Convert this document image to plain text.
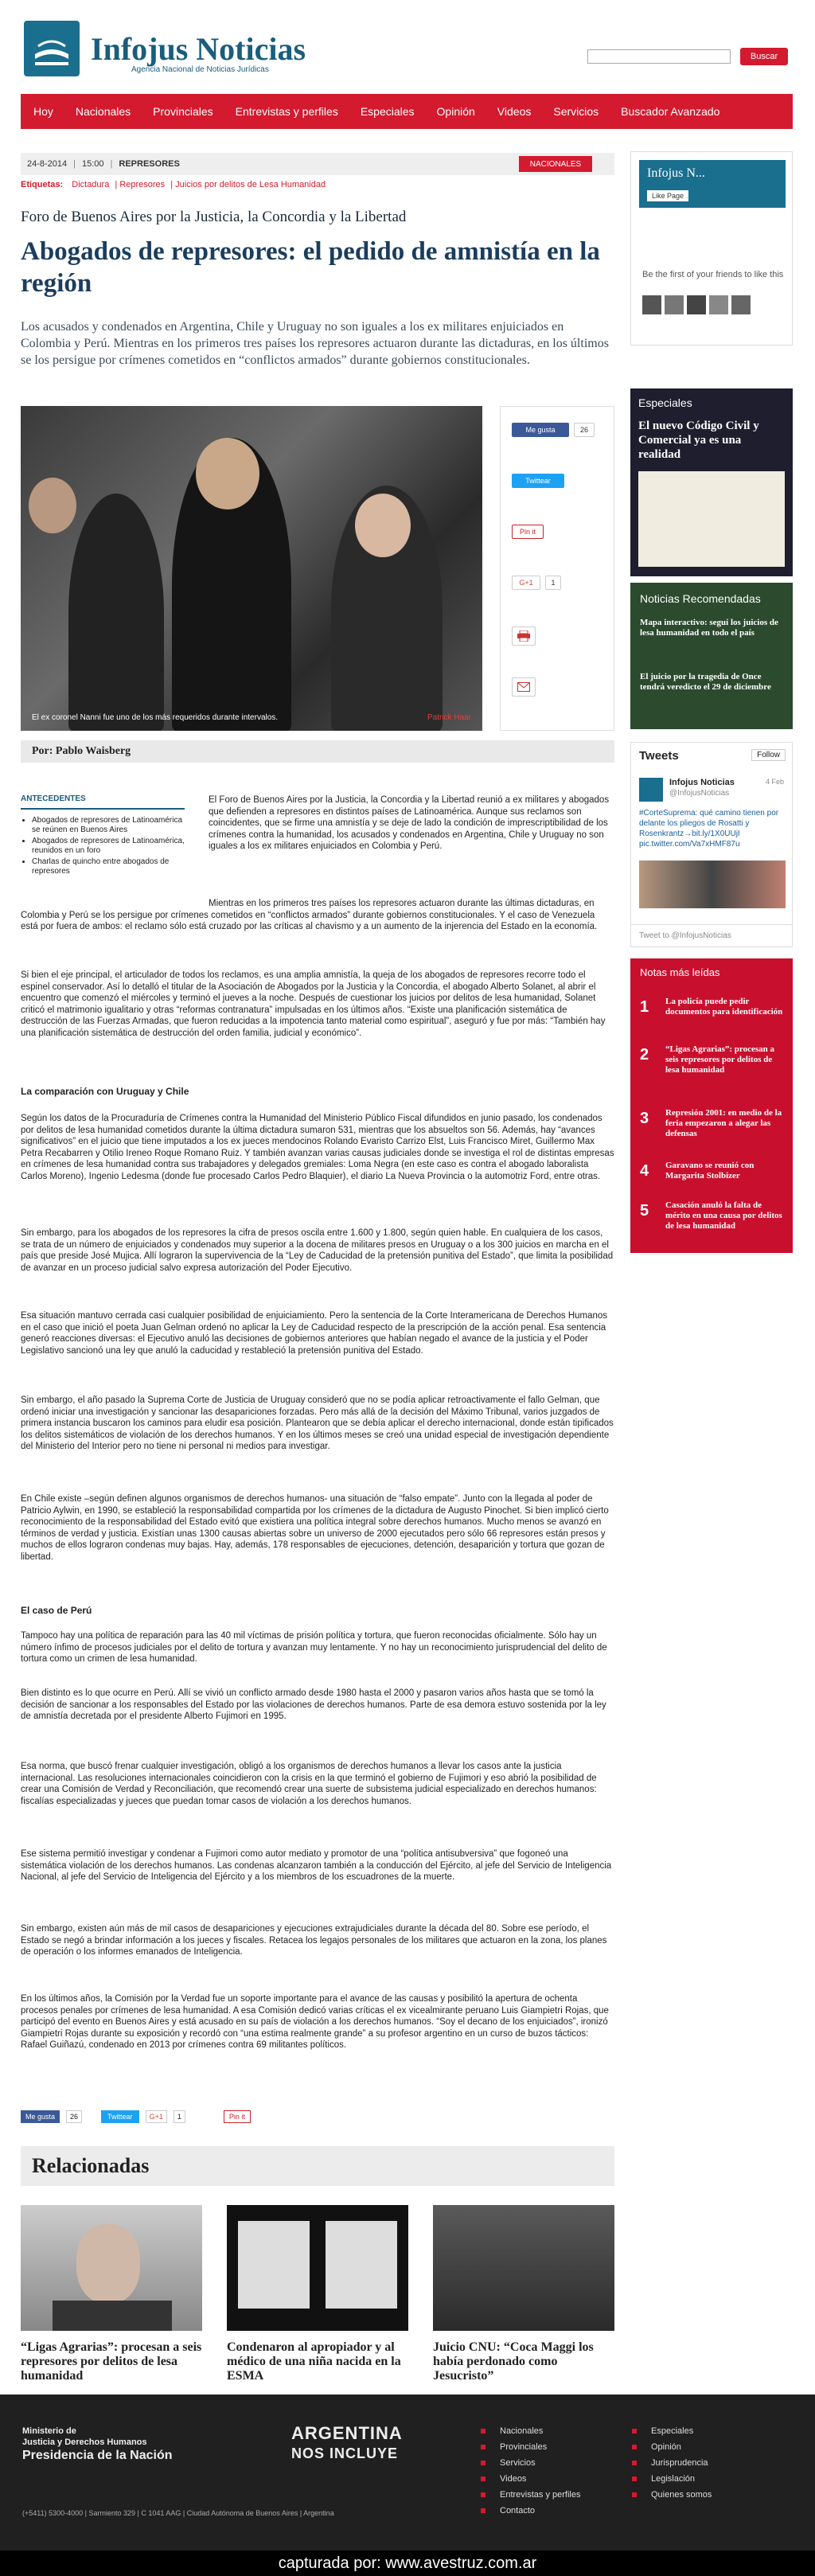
Infojus Noticias
Agencia Nacional de Noticias Jurídicas
Buscar
Hoy Nacionales Provinciales Entrevistas y perfiles Especiales Opinión Videos Servicios Buscador Avanzado
24-8-2014 | 15:00 | REPRESORES	NACIONALES
Etiquetas: Dictadura | Represores | Juicios por delitos de Lesa Humanidad
Foro de Buenos Aires por la Justicia, la Concordia y la Libertad
Abogados de represores: el pedido de amnistía en la región
Los acusados y condenados en Argentina, Chile y Uruguay no son iguales a los ex militares enjuiciados en Colombia y Perú. Mientras en los primeros tres países los represores actuaron durante las dictaduras, en los últimos se los persigue por crímenes cometidos en “conflictos armados” durante gobiernos constitucionales.
El ex coronel Nanni fue uno de los más requeridos durante intervalos.	Patrick Haar
Me gusta	26
Twittear
Pin it
G+1	1
Por: Pablo Waisberg
ANTECEDENTES
• Abogados de represores de Latinoamérica se reúnen en Buenos Aires
• Abogados de represores de Latinoamérica, reunidos en un foro
• Charlas de quincho entre abogados de represores
El Foro de Buenos Aires por la Justicia, la Concordia y la Libertad reunió a ex militares y abogados que defienden a represores en distintos países de Latinoamérica. Aunque sus reclamos son coincidentes, que se firme una amnistía y se deje de lado la condición de imprescriptibilidad de los crímenes contra la humanidad, los acusados y condenados en Argentina, Chile y Uruguay no son iguales a los ex militares enjuiciados en Colombia y Perú.
Mientras en los primeros tres países los represores actuaron durante las últimas dictaduras, en Colombia y Perú se los persigue por crímenes cometidos en “conflictos armados” durante gobiernos constitucionales. Y el caso de Venezuela está por fuera de ambos: el reclamo sólo está cruzado por las críticas al chavismo y a un aumento de la injerencia del Estado en la economía.
Si bien el eje principal, el articulador de todos los reclamos, es una amplia amnistía, la queja de los abogados de represores recorre todo el espinel conservador. Así lo detalló el titular de la Asociación de Abogados por la Justicia y la Concordia, el abogado Alberto Solanet, al abrir el encuentro que comenzó el miércoles y terminó el jueves a la noche. Después de cuestionar los juicios por delitos de lesa humanidad, Solanet criticó el matrimonio igualitario y otras “reformas contranatura” impulsadas en los últimos años. “Existe una planificación sistemática de destrucción de las Fuerzas Armadas, que fueron reducidas a la impotencia tanto material como espiritual”, aseguró y fue por más: “También hay una planificación sistemática de destrucción del orden familia, judicial y económico”.
La comparación con Uruguay y Chile
Según los datos de la Procuraduría de Crímenes contra la Humanidad del Ministerio Público Fiscal difundidos en junio pasado, los condenados por delitos de lesa humanidad cometidos durante la última dictadura sumaron 531, mientras que los absueltos son 56. Además, hay “avances significativos” en el juicio que tiene imputados a los ex jueces mendocinos Rolando Evaristo Carrizo Elst, Luis Francisco Miret, Guillermo Max Petra Recabarren y Otilio Ireneo Roque Romano Ruiz. Y también avanzan varias causas judiciales donde se investiga el rol de distintas empresas en crímenes de lesa humanidad contra sus trabajadores y delegados gremiales: Loma Negra (en este caso es contra el abogado laboralista Carlos Moreno), Ingenio Ledesma (donde fue procesado Carlos Pedro Blaquier), el diario La Nueva Provincia o la automotriz Ford, entre otras.
Sin embargo, para los abogados de los represores la cifra de presos oscila entre 1.600 y 1.800, según quien hable. En cualquiera de los casos, se trata de un número de enjuiciados y condenados muy superior a la docena de militares presos en Uruguay o a los 300 juicios en marcha en el país que preside José Mujica. Allí lograron la supervivencia de la “Ley de Caducidad de la pretensión punitiva del Estado”, que limita la posibilidad de avanzar en un proceso judicial salvo expresa autorización del Poder Ejecutivo.
Esa situación mantuvo cerrada casi cualquier posibilidad de enjuiciamiento. Pero la sentencia de la Corte Interamericana de Derechos Humanos en el caso que inició el poeta Juan Gelman ordenó no aplicar la Ley de Caducidad respecto de la prescripción de la acción penal. Esa sentencia generó reacciones diversas: el Ejecutivo anuló las decisiones de gobiernos anteriores que habían negado el avance de la justicia y el Poder Legislativo sancionó una ley que anuló la caducidad y restableció la pretensión punitiva del Estado.
Sin embargo, el año pasado la Suprema Corte de Justicia de Uruguay consideró que no se podía aplicar retroactivamente el fallo Gelman, que ordenó iniciar una investigación y sancionar las desapariciones forzadas. Pero más allá de la decisión del Máximo Tribunal, varios juzgados de primera instancia buscaron los caminos para eludir esa posición. Plantearon que se debía aplicar el derecho internacional, donde están tipificados los delitos sistemáticos de violación de los derechos humanos. Y en los últimos meses se creó una unidad especial de investigación dependiente del Ministerio del Interior pero no tiene ni personal ni medios para investigar.
En Chile existe –según definen algunos organismos de derechos humanos- una situación de “falso empate”. Junto con la llegada al poder de Patricio Aylwin, en 1990, se estableció la responsabilidad compartida por los crímenes de la dictadura de Augusto Pinochet. Si bien implicó cierto reconocimiento de la responsabilidad del Estado evitó que existiera una política integral sobre derechos humanos. Mucho menos se avanzó en términos de verdad y justicia. Existían unas 1300 causas abiertas sobre un universo de 2000 ejecutados pero sólo 66 represores están presos y muchos de ellos lograron condenas muy bajas. Hay, además, 178 responsables de ejecuciones, detención, desaparición y tortura que gozan de libertad.
El caso de Perú
Tampoco hay una política de reparación para las 40 mil víctimas de prisión política y tortura, que fueron reconocidas oficialmente. Sólo hay un número ínfimo de procesos judiciales por el delito de tortura y avanzan muy lentamente. Y no hay un reconocimiento jurisprudencial del delito de tortura como un crimen de lesa humanidad.
Bien distinto es lo que ocurre en Perú. Allí se vivió un conflicto armado desde 1980 hasta el 2000 y pasaron varios años hasta que se tomó la decisión de sancionar a los responsables del Estado por las violaciones de derechos humanos. Parte de esa demora estuvo sostenida por la ley de amnistía decretada por el presidente Alberto Fujimori en 1995.
Esa norma, que buscó frenar cualquier investigación, obligó a los organismos de derechos humanos a llevar los casos ante la justicia internacional. Las resoluciones internacionales coincidieron con la crisis en la que terminó el gobierno de Fujimori y eso abrió la posibilidad de crear una Comisión de Verdad y Reconciliación, que recomendó crear una suerte de subsistema judicial especializado en derechos humanos: fiscalías especializadas y jueces que puedan tomar casos de violación a los derechos humanos.
Ese sistema permitió investigar y condenar a Fujimori como autor mediato y promotor de una “política antisubversiva” que fogoneó una sistemática violación de los derechos humanos. Las condenas alcanzaron también a la conducción del Ejército, al jefe del Servicio de Inteligencia Nacional, al jefe del Servicio de Inteligencia del Ejército y a los miembros de los escuadrones de la muerte.
Sin embargo, existen aún más de mil casos de desapariciones y ejecuciones extrajudiciales durante la década del 80. Sobre ese período, el Estado se negó a brindar información a los jueces y fiscales. Retacea los legajos personales de los militares que actuaron en la zona, los planes de operación o los informes emanados de Inteligencia.
En los últimos años, la Comisión por la Verdad fue un soporte importante para el avance de las causas y posibilitó la apertura de ochenta procesos penales por crímenes de lesa humanidad. A esa Comisión dedicó varias críticas el ex vicealmirante peruano Luis Giampietri Rojas, que participó del evento en Buenos Aires y está acusado en su país de violación a los derechos humanos. “Soy el decano de los enjuiciados”, ironizó Giampietri Rojas durante su exposición y recordó con “una estima realmente grande” a su profesor argentino en un curso de buzos tácticos: Rafael Guiñazú, condenado en 2013 por crímenes contra 69 militantes políticos.
Me gusta	26	Twittear	G+1	1	Pin it
Relacionadas
“Ligas Agrarias”: procesan a seis represores por delitos de lesa humanidad
Condenaron al apropiador y al médico de una niña nacida en la ESMA
Juicio CNU: “Coca Maggi los había perdonado como Jesucristo”
Infojus N...
Like Page
Be the first of your friends to like this
Especiales
El nuevo Código Civil y Comercial ya es una realidad
Noticias Recomendadas
Mapa interactivo: seguí los juicios de lesa humanidad en todo el país
El juicio por la tragedia de Once tendrá veredicto el 29 de diciembre
Tweets	Follow
Infojus Noticias
@InfojusNoticias
4 Feb
#CorteSuprema: qué camino tienen por delante los pliegos de Rosatti y Rosenkrantz→bit.ly/1X0UUjI pic.twitter.com/Va7xHMF87u
Tweet to @InfojusNoticias
Notas más leídas
1 La policía puede pedir documentos para identificación
2 “Ligas Agrarias”: procesan a seis represores por delitos de lesa humanidad
3 Represión 2001: en medio de la feria empezaron a alegar las defensas
4 Garavano se reunió con Margarita Stolbizer
5 Casación anuló la falta de mérito en una causa por delitos de lesa humanidad
Ministerio de
Justicia y Derechos Humanos
Presidencia de la Nación
ARGENTINA
NOS INCLUYE
(+5411) 5300-4000 | Sarmiento 329 | C 1041 AAG | Ciudad Autónoma de Buenos Aires | Argentina
Nacionales
Provinciales
Servicios
Videos
Entrevistas y perfiles
Contacto
Especiales
Opinión
Jurisprudencia
Legislación
Quienes somos
capturada por: www.avestruz.com.ar
